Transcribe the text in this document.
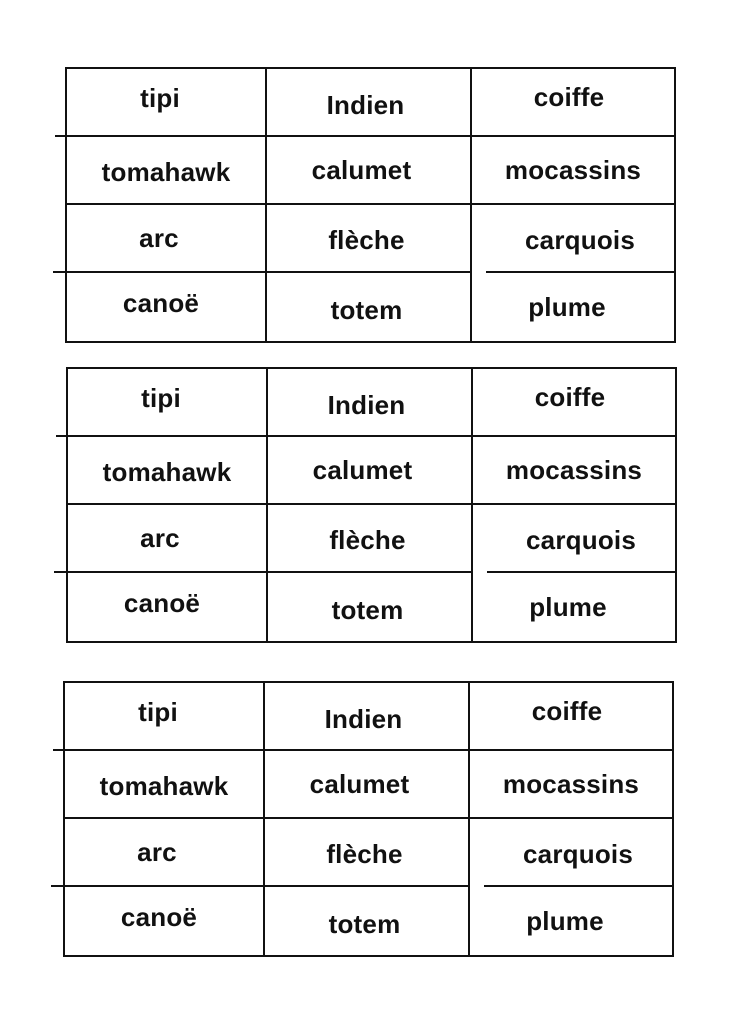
tipi	Indien	coiffe
tomahawk	calumet	mocassins
arc	flèche	carquois
canoë	totem	plume
tipi	Indien	coiffe
tomahawk	calumet	mocassins
arc	flèche	carquois
canoë	totem	plume
tipi	Indien	coiffe
tomahawk	calumet	mocassins
arc	flèche	carquois
canoë	totem	plume
